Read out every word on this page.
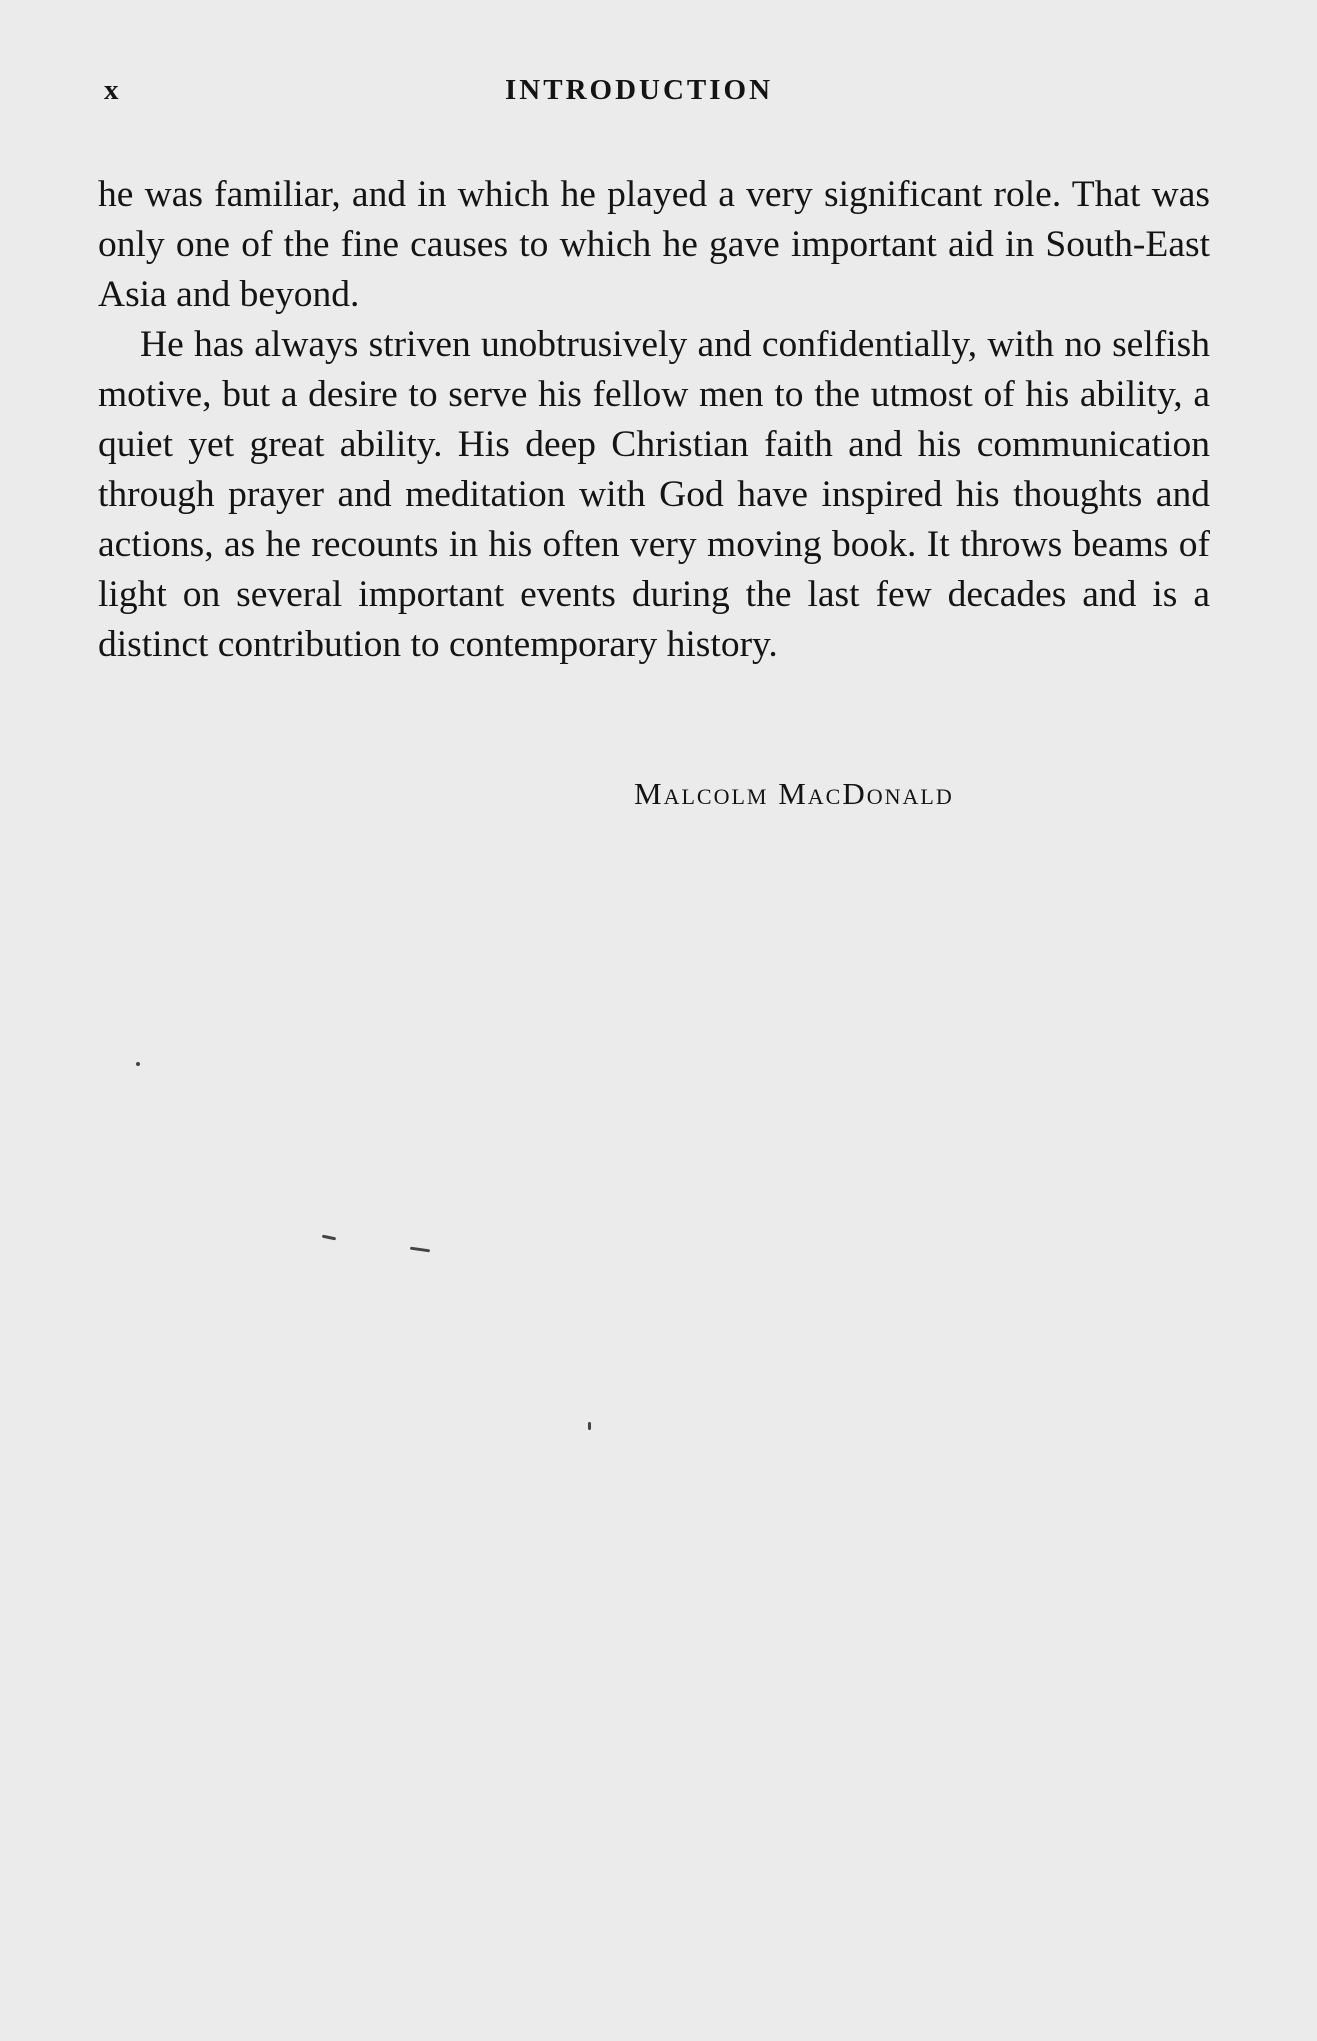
x	INTRODUCTION

he was familiar, and in which he played a very significant role. That was only one of the fine causes to which he gave important aid in South-East Asia and beyond.

He has always striven unobtrusively and confidentially, with no selfish motive, but a desire to serve his fellow men to the utmost of his ability, a quiet yet great ability. His deep Christian faith and his communication through prayer and meditation with God have inspired his thoughts and actions, as he recounts in his often very moving book. It throws beams of light on several important events during the last few decades and is a distinct contribution to contemporary history.

Malcolm MacDonald
